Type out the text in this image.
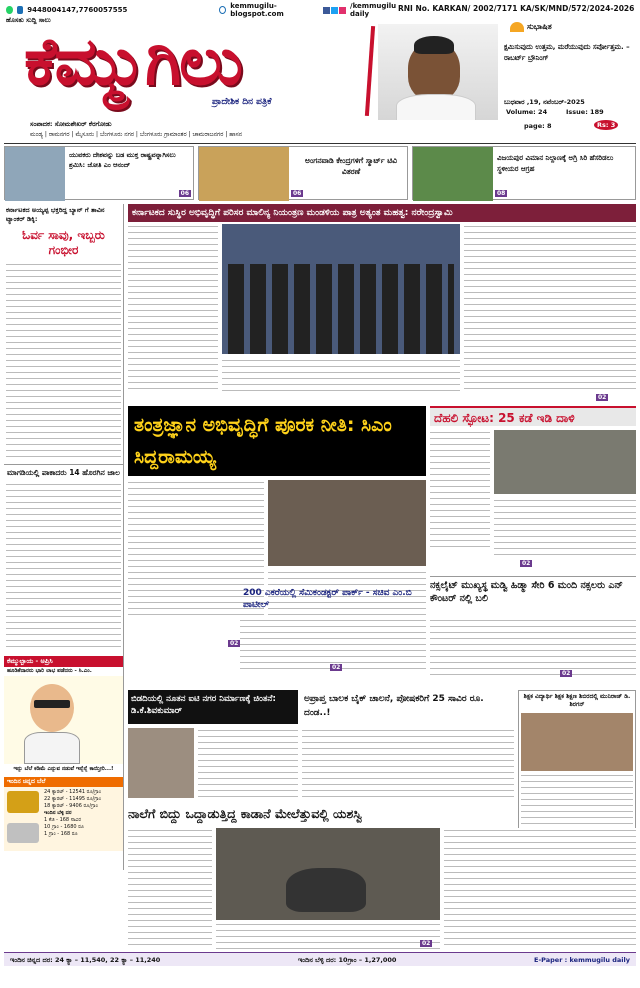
9448004147,7760057555	kemmugilu-blogspot.com
/kemmugilu daily
ಹೊಸತು ಸುದ್ದಿ ಸಾಲು
RNI No. KARKAN/ 2002/7171 KA/SK/MND/572/2024-2026
ಕೆಮ್ಮುಗಿಲು
ಪ್ರಾದೇಶಿಕ ದಿನ ಪತ್ರಿಕೆ
ಸಂಪಾದಕ: ಸೋಮಶೇಖರ್ ಕೆರಗೋಡು
ಮಂಡ್ಯ | ರಾಮನಗರ | ಮೈಸೂರು | ಬೆಂಗಳೂರು ನಗರ | ಬೆಂಗಳೂರು ಗ್ರಾಮಾಂತರ | ಚಾಮರಾಜನಗರ | ಹಾಸನ
ಸುಭಾಷಿತ
ಕ್ಷಮಿಸುವುದು ಉತ್ತಮ, ಮರೆಯುವುದು ಸರ್ವೋತ್ತಮ. – ರಾಬರ್ಟ್ ಬ್ರೌನಿಂಗ್
ಬುಧವಾರ ,19, ನವೆಂಬರ್-2025
Volume: 24	Issue: 189
page: 8	Rs: 3
ಯುವಕರು ದೇಶವನ್ನು ಬಡ ಮುಕ್ತ ರಾಷ್ಟ್ರವನ್ನಾಗಿಸಲು ಶ್ರಮಿಸಿ: ಜೋತಿ ಎಂ ಆನಂದ್
06
ಅಂಗನವಾಡಿ ಕೇಂದ್ರಗಳಿಗೆ ಸ್ಮಾರ್ಟ್ ಟಿವಿ ವಿತರಣೆ
06
ವಿಜಯಪುರ ವಿಮಾನ ನಿಲ್ದಾಣಕ್ಕೆ ಅಗ್ರಿ ಸಿರಿ ಹೆಸರಿಡಲು ಸ್ಥಳೀಯರ ಆಗ್ರಹ
08
ಕರ್ನಾಟಕದ ಅಯ್ಯಪ್ಪ ಭಕ್ತರಿದ್ದ ಬ್ಯಾನ್ ಗೆ ತಾವಿನ ಟ್ಯಾಂಕರ್ ಡಿಕ್ಕಿ:
ಓರ್ವ ಸಾವು, ಇಬ್ಬರು ಗಂಭೀರ
ಮಾಗಡಿಯಲ್ಲಿ ಪಾಕಾದರು 14 ಹೊರಗಿನ ಜಾಲ
ಕೆಮ್ಮುಲ್ಪಾಯ - ಅಪ್ರಿಸಿ
ಹೂಡಿಕೆದಾರರು ಭಾರಿ ಲಾಭ ಪಡೆದರು - ಸಿ.ಎಂ.
ಇನ್ನು ಬೆಲೆ ಕಡಿಮೆ ಎನ್ನುವ ನಡುವೆ ಇನ್ನೆನ್ನೆ ಕಾಯ್ತೀರಿ...!
ಇಂದಿನ ಚಿನ್ನದ ಬೆಲೆ
24 ಕ್ಯಾರಟ್ - 12541 ರೂ/ಗ್ರಾಂ
22 ಕ್ಯಾರಟ್ - 11495 ರೂ/ಗ್ರಾಂ
18 ಕ್ಯಾರಟ್ - 9406 ರೂ/ಗ್ರಾಂ
ಇಂದಿನ ಬೆಳ್ಳಿ ದರ
1 ಕೆಜಿ - 168 ಸಾವಿರ
10 ಗ್ರಾಂ - 1680 ರೂ
1 ಗ್ರಾಂ - 168 ರೂ
ಕರ್ನಾಟಕದ ಸುಸ್ಥಿರ ಅಭಿವೃದ್ಧಿಗೆ ಪರಿಸರ ಮಾಲಿನ್ಯ ನಿಯಂತ್ರಣ ಮಂಡಳಿಯ ಪಾತ್ರ ಅತ್ಯಂತ ಮಹತ್ವ: ನರೇಂದ್ರಸ್ವಾಮಿ
02
ತಂತ್ರಜ್ಞಾನ ಅಭಿವೃದ್ಧಿಗೆ ಪೂರಕ ನೀತಿ: ಸಿಎಂ ಸಿದ್ದರಾಮಯ್ಯ
02
ದೆಹಲಿ ಸ್ಫೋಟ: 25 ಕಡೆ ಇಡಿ ದಾಳಿ
02
ನಕ್ಸಲೈಟ್ ಮುಖ್ಯಸ್ಥ ಮಡ್ವಿ ಹಿಡ್ಮಾ ಸೇರಿ 6 ಮಂದಿ ನಕ್ಸಲರು ಎನ್ ಕೌಂಟರ್ ನಲ್ಲಿ ಬಲಿ
02
200 ಎಕರೆಯಲ್ಲಿ ಸೆಮಿಕಂಡಕ್ಟರ್ ಪಾರ್ಕ್ - ಸಚಿವ ಎಂ.ಬಿ ಪಾಟೀಲ್
02
ಬಿಡದಿಯಲ್ಲಿ ನೂತನ ಐಟಿ ನಗರ ನಿರ್ಮಾಣಕ್ಕೆ ಚಿಂತನೆ: ಡಿ.ಕೆ.ಶಿವಕುಮಾರ್
ಅಪ್ರಾಪ್ತ ಬಾಲಕ ಬೈಕ್ ಚಾಲನೆ, ಪೋಷಕರಿಗೆ 25 ಸಾವಿರ ರೂ. ದಂಡ..!
ಶಿಕ್ಷಕ ವಿದ್ಯಾರ್ಥಿ ಶಿಕ್ಷಕ ಶಿಕ್ಷಣ ಶಿಬಿರದಲ್ಲಿ ಮುನಿರಾಜ್ ಡಿ. ಶಿರಗನ್
ನಾಲೆಗೆ ಬಿದ್ದು ಒದ್ದಾಡುತ್ತಿದ್ದ ಕಾಡಾನೆ ಮೇಲೆತ್ತುವಲ್ಲಿ ಯಶಸ್ವಿ
02
ಇಂದಿನ ಚಿನ್ನದ ದರ: 24 ಕ್ಯಾ – 11,540, 22 ಕ್ಯಾ – 11,240	ಇಂದಿನ ಬೆಳ್ಳಿ ದರ: 10ಗ್ರಾಂ – 1,27,000	E-Paper : kemmugilu daily
